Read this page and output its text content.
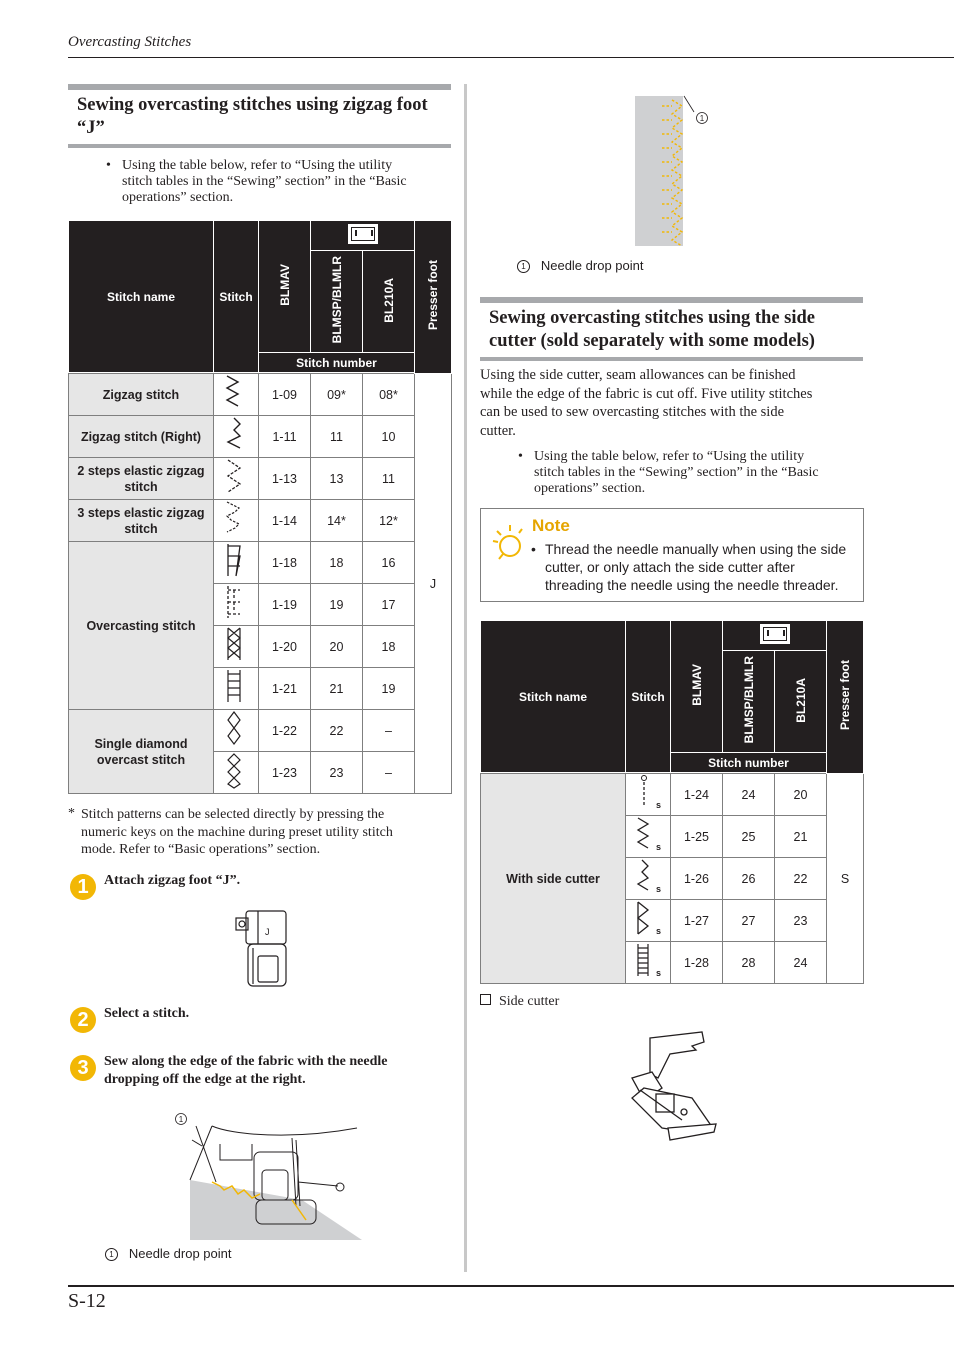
Overcasting Stitches
S-12
Sewing overcasting stitches using zigzag foot
“J”
• Using the table below, refer to “Using the utility
stitch tables in the “Sewing” section” in the “Basic
operations” section.
Stitch name	Stitch	BLMAV			Presser foot
			BLMSP/BLMLR	BL210A	
		Stitch number			

Zigzag stitch		1-09	09*	08*	J
Zigzag stitch (Right)		1-11	11	10	
2 steps elastic zigzag stitch		1-13	13	11	
3 steps elastic zigzag stitch		1-14	14*	12*	
Overcasting stitch		1-18	18	16	
	1-19	19	17	
	1-20	20	18	
	1-21	21	19	
Single diamond overcast stitch		1-22	22	–	
	1-23	23	–	
* Stitch patterns can be selected directly by pressing the
numeric keys on the machine during preset utility stitch
mode. Refer to “Basic operations” section.
1	Attach zigzag foot “J”.
J
2	Select a stitch.
3	Sew along the edge of the fabric with the needle
dropping off the edge at the right.
1
1 Needle drop point
1
1 Needle drop point
Sewing overcasting stitches using the side
cutter (sold separately with some models)
Using the side cutter, seam allowances can be finished
while the edge of the fabric is cut off. Five utility stitches
can be used to sew overcasting stitches with the side
cutter.
• Using the table below, refer to “Using the utility
stitch tables in the “Sewing” section” in the “Basic
operations” section.
Note
• Thread the needle manually when using the side
cutter, or only attach the side cutter after
threading the needle using the needle threader.
Stitch name	Stitch	BLMAV			Presser foot
			BLMSP/BLMLR	BL210A	
		Stitch number			

With side cutter	s	1-24	24	20	S

s	1-25	25	21	

s	1-26	26	22	

s	1-27	27	23	

s	1-28	28	24	
Side cutter
